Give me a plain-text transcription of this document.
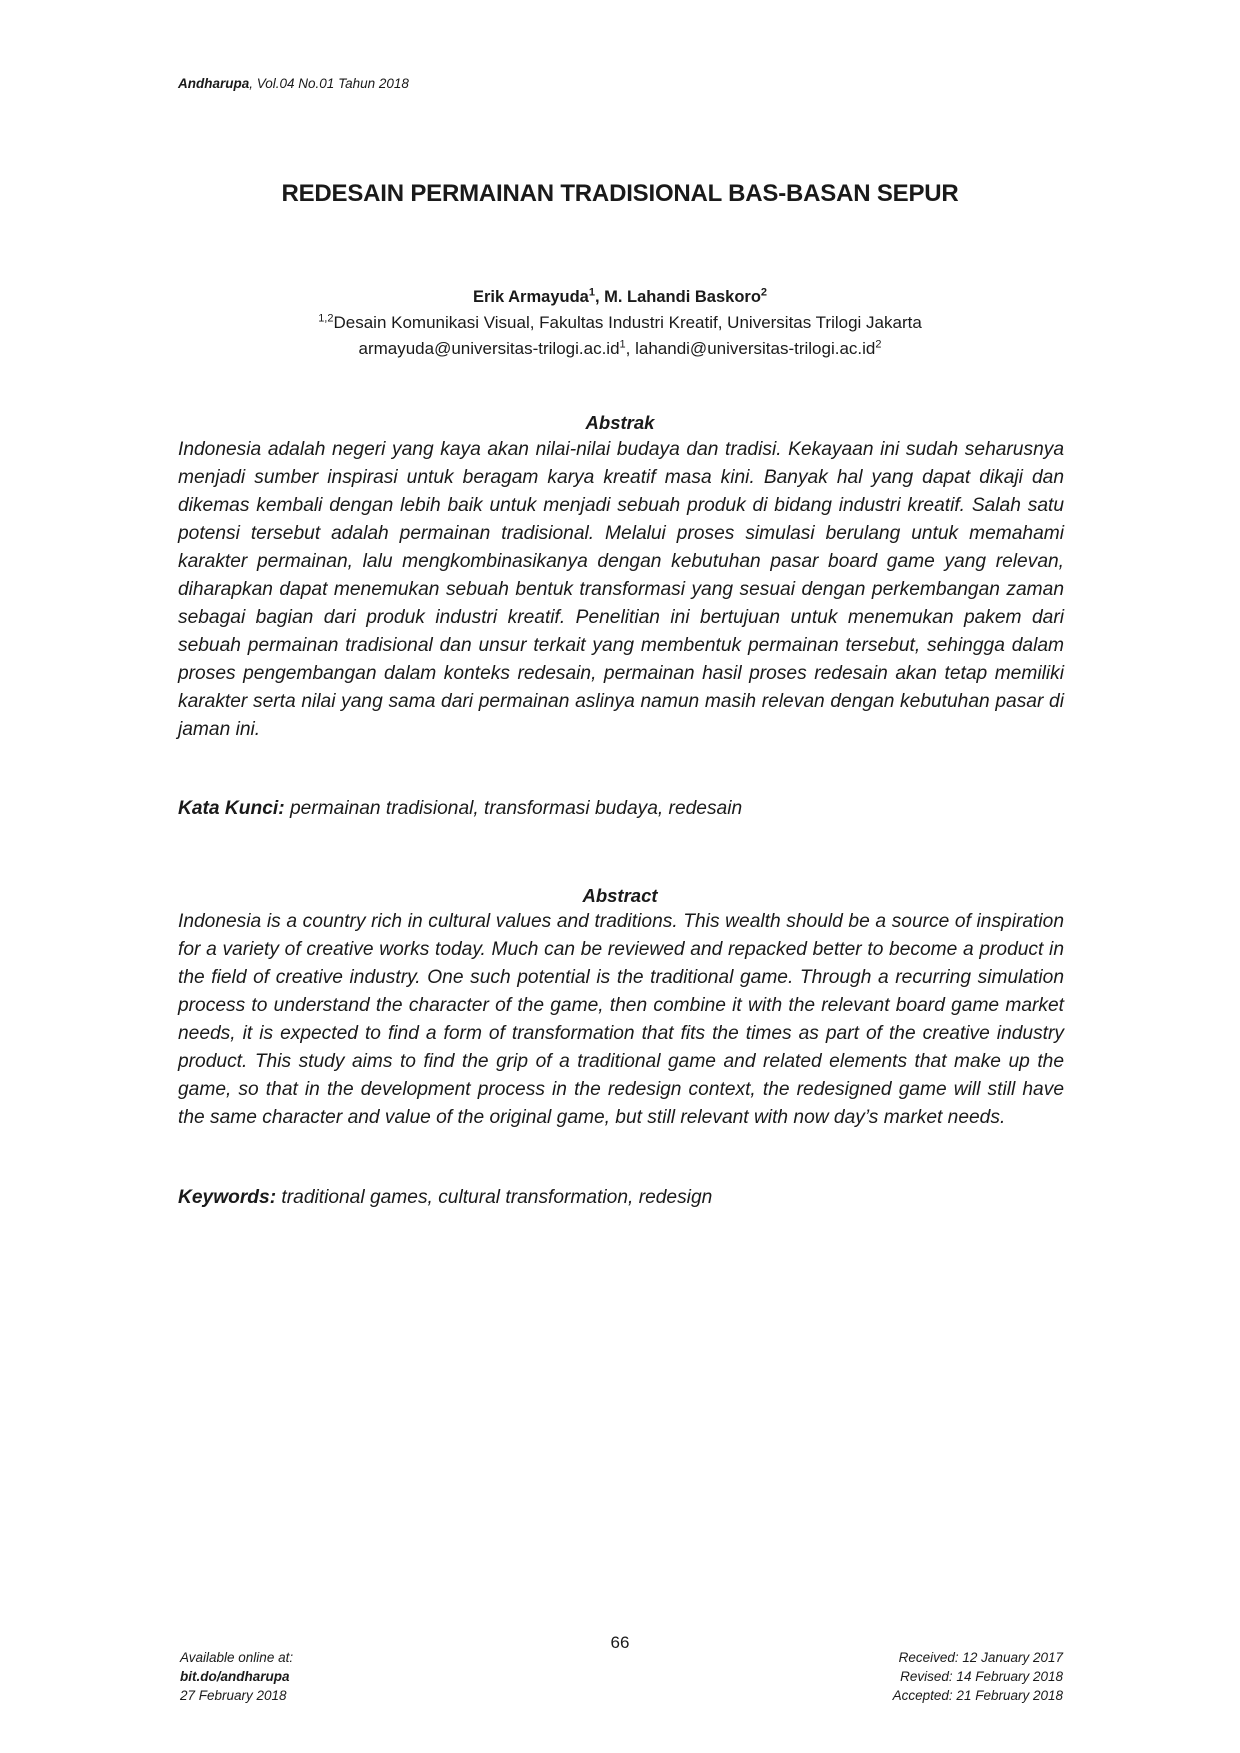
Andharupa, Vol.04 No.01 Tahun 2018
REDESAIN PERMAINAN TRADISIONAL BAS-BASAN SEPUR
Erik Armayuda$^1$, M. Lahandi Baskoro$^2$
$^{1,2}$Desain Komunikasi Visual, Fakultas Industri Kreatif, Universitas Trilogi Jakarta
$armayuda@universitas-trilogi.ac.id^1$, $lahandi@universitas-trilogi.ac.id^2$
Abstrak

Indonesia adalah negeri yang kaya akan nilai-nilai budaya dan tradisi. Kekayaan ini sudah seharusnya menjadi sumber inspirasi untuk beragam karya kreatif masa kini. Banyak hal yang dapat dikaji dan dikemas kembali dengan lebih baik untuk menjadi sebuah produk di bidang industri kreatif. Salah satu potensi tersebut adalah permainan tradisional. Melalui proses simulasi berulang untuk memahami karakter permainan, lalu mengkombinasikanya dengan kebutuhan pasar board game yang relevan, diharapkan dapat menemukan sebuah bentuk transformasi yang sesuai dengan perkembangan zaman sebagai bagian dari produk industri kreatif. Penelitian ini bertujuan untuk menemukan pakem dari sebuah permainan tradisional dan unsur terkait yang membentuk permainan tersebut, sehingga dalam proses pengembangan dalam konteks redesain, permainan hasil proses redesain akan tetap memiliki karakter serta nilai yang sama dari permainan aslinya namun masih relevan dengan kebutuhan pasar di jaman ini.

Kata Kunci: permainan tradisional, transformasi budaya, redesain
Abstract

Indonesia is a country rich in cultural values and traditions. This wealth should be a source of inspiration for a variety of creative works today. Much can be reviewed and repacked better to become a product in the field of creative industry. One such potential is the traditional game. Through a recurring simulation process to understand the character of the game, then combine it with the relevant board game market needs, it is expected to find a form of transformation that fits the times as part of the creative industry product. This study aims to find the grip of a traditional game and related elements that make up the game, so that in the development process in the redesign context, the redesigned game will still have the same character and value of the original game, but still relevant with now day’s market needs.

Keywords: traditional games, cultural transformation, redesign
66
Available online at:
bit.do/andharupa
27 February 2018
Received: 12 January 2017
Revised: 14 February 2018
Accepted: 21 February 2018
